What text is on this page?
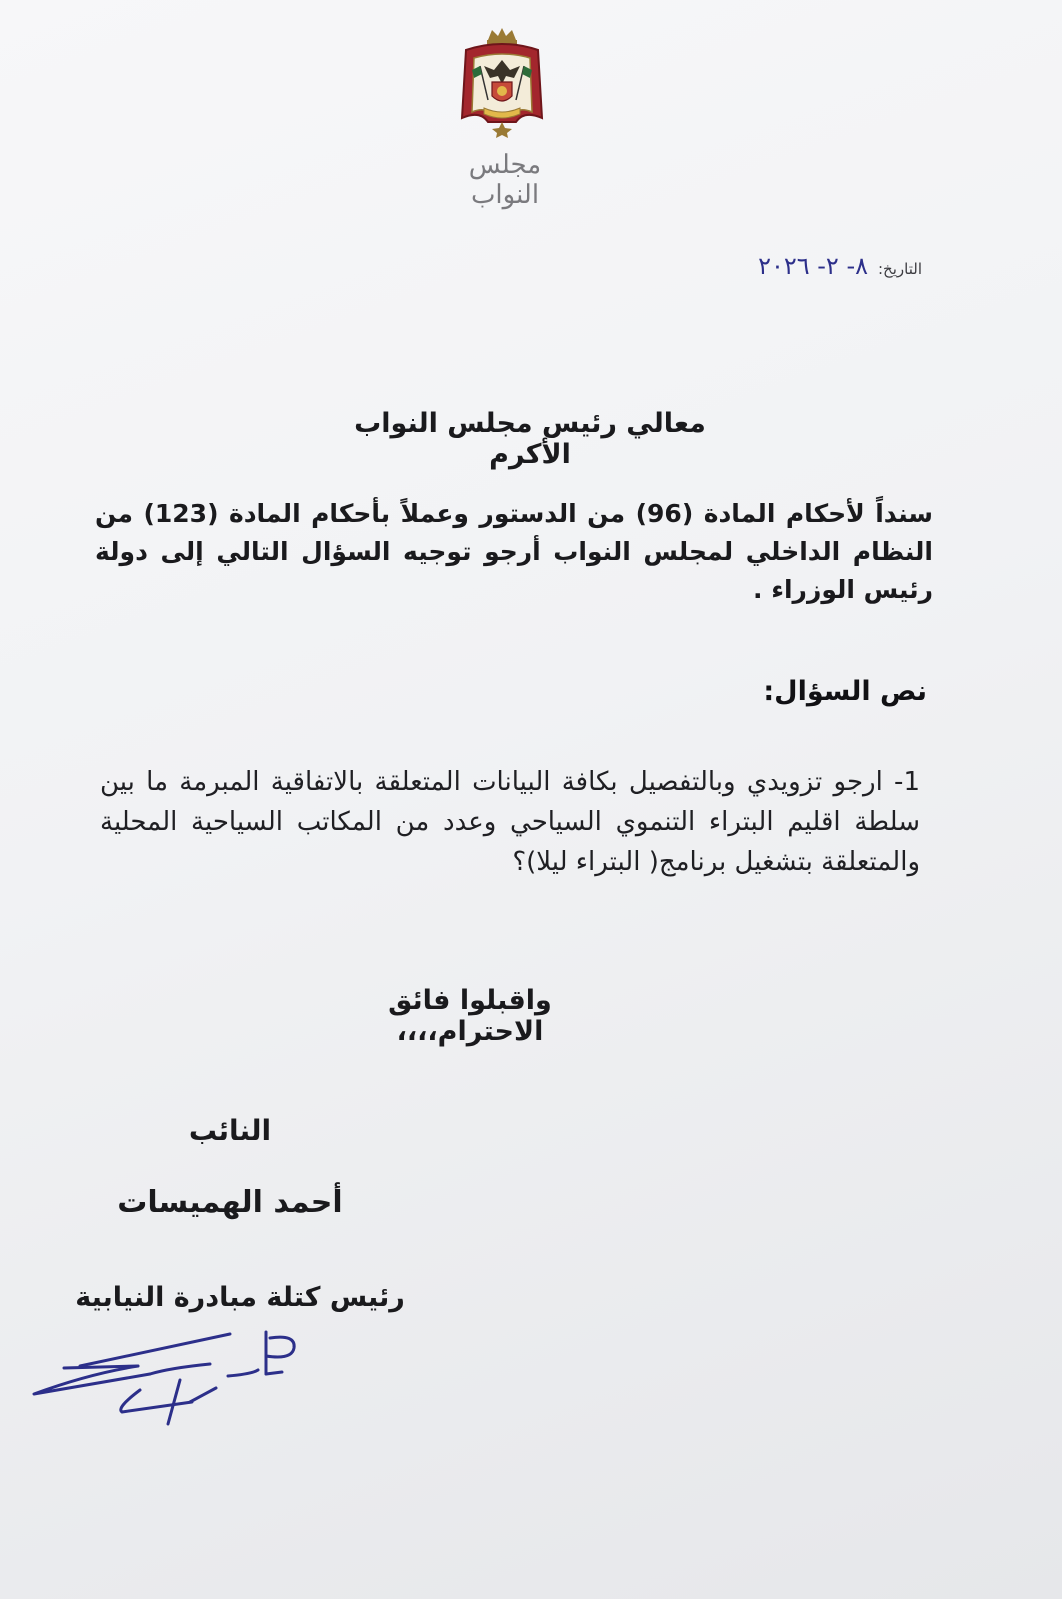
مجلس النواب
التاريخ:
٨- ٢- ٢٠٢٦
معالي رئيس مجلس النواب الأكرم
سنداً لأحكام المادة (96) من الدستور وعملاً بأحكام المادة (123) من النظام الداخلي لمجلس النواب أرجو توجيه السؤال التالي إلى دولة رئيس الوزراء .
نص السؤال:
1- ارجو تزويدي وبالتفصيل بكافة البيانات المتعلقة بالاتفاقية المبرمة ما بين سلطة اقليم البتراء التنموي السياحي وعدد من المكاتب السياحية المحلية والمتعلقة بتشغيل برنامج( البتراء ليلا)؟
واقبلوا فائق الاحترام،،،،
النائب
أحمد الهميسات
رئيس كتلة مبادرة النيابية
